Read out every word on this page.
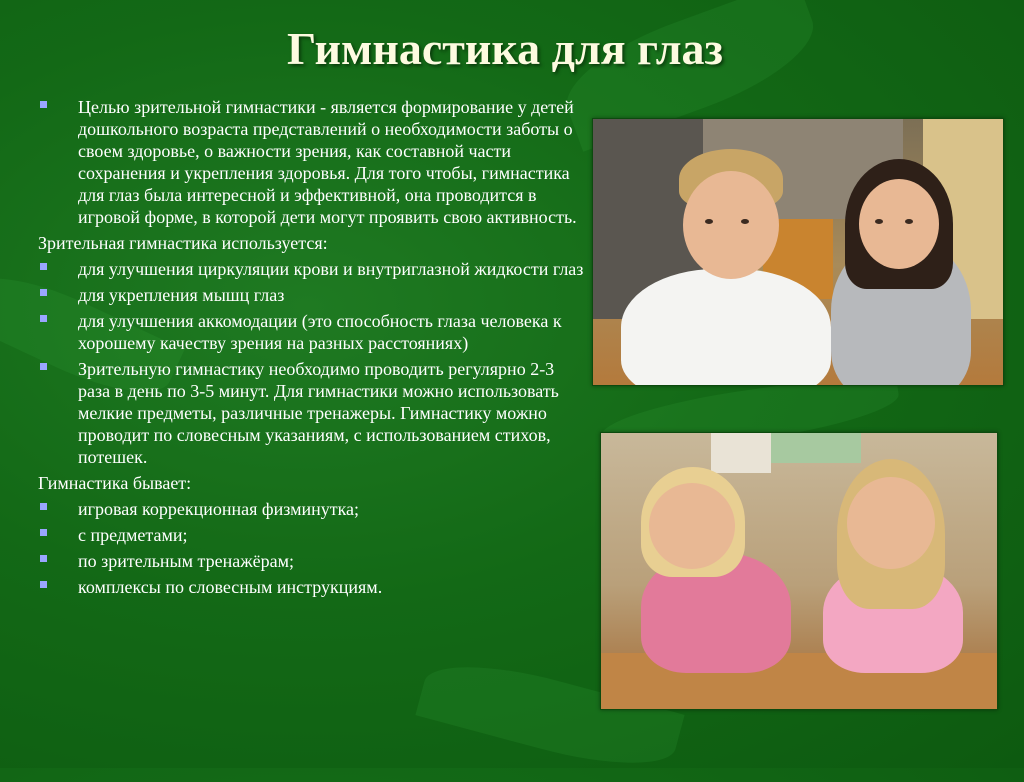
Гимнастика для глаз
Целью зрительной гимнастики - является формирование у детей дошкольного возраста представлений о необходимости заботы о своем здоровье, о важности зрения, как составной части сохранения и укрепления здоровья. Для того чтобы, гимнастика для глаз была интересной и эффективной, она проводится в игровой форме, в которой дети могут проявить свою активность.
Зрительная гимнастика используется:
для улучшения циркуляции крови и внутриглазной жидкости глаз
для укрепления мышц глаз
для улучшения аккомодации (это способность глаза человека к хорошему качеству зрения на разных расстояниях)
Зрительную гимнастику необходимо проводить регулярно 2-3 раза в день по 3-5 минут. Для гимнастики можно использовать мелкие предметы, различные тренажеры. Гимнастику можно проводит по словесным указаниям, с использованием стихов, потешек.
Гимнастика бывает:
игровая коррекционная физминутка;
с предметами;
по зрительным тренажёрам;
комплексы по словесным инструкциям.
